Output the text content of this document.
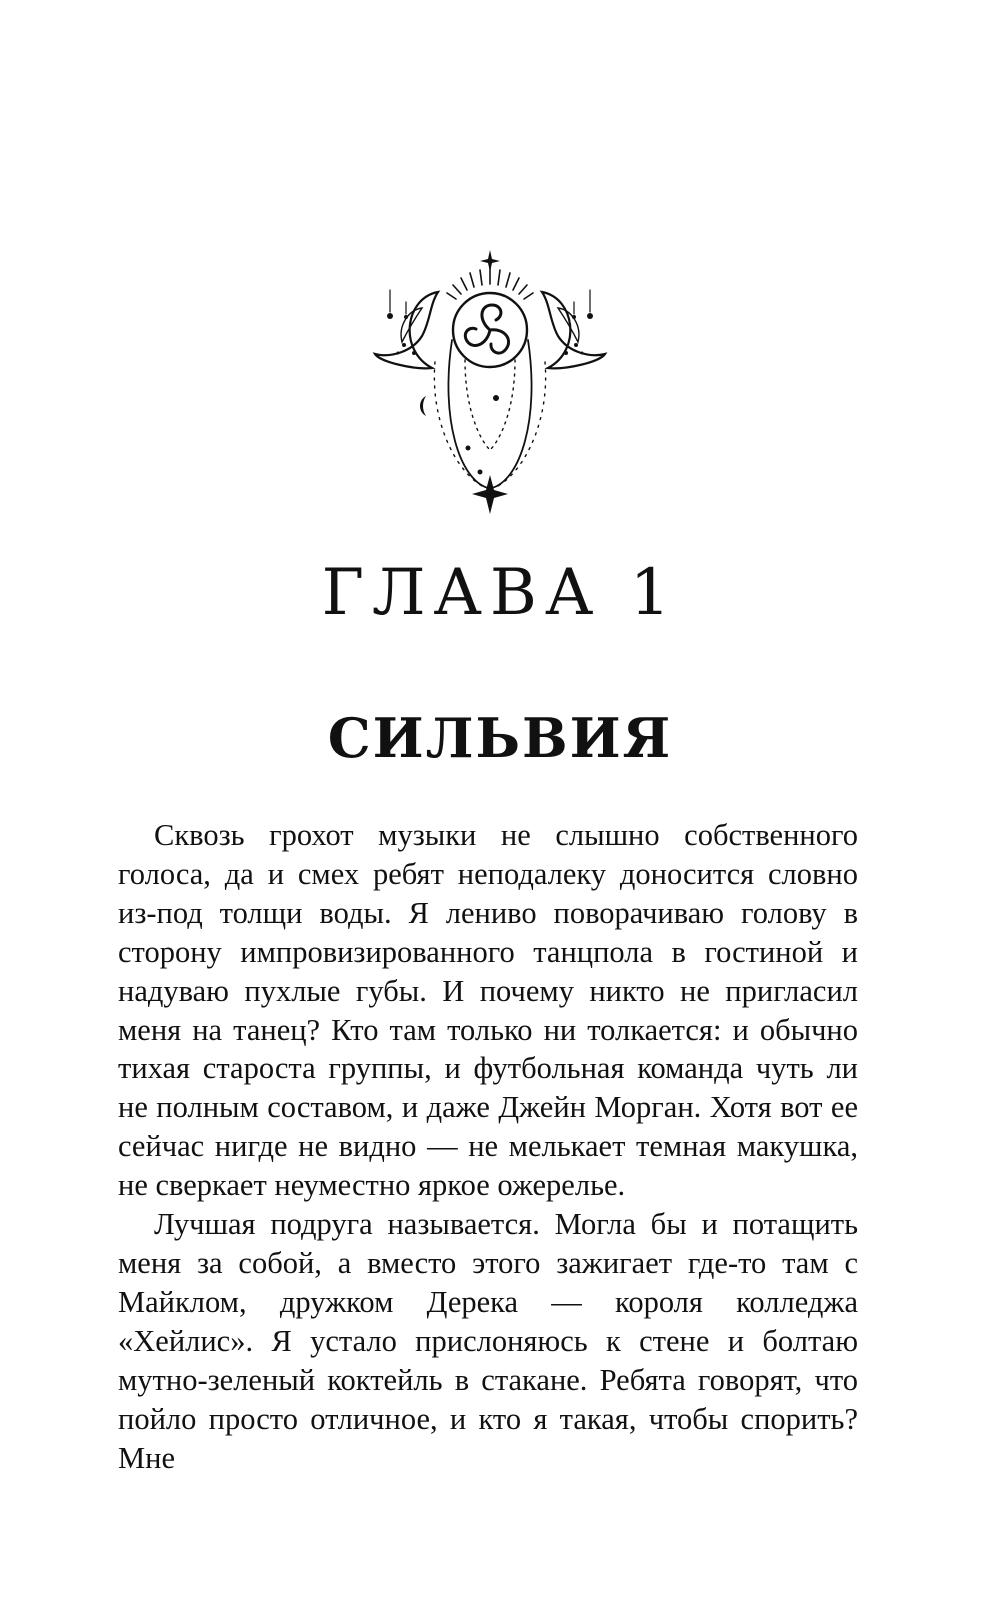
ГЛАВА 1
СИЛЬВИЯ

Сквозь грохот музыки не слышно собственного голоса, да и смех ребят неподалеку доносится словно из-под толщи воды. Я лениво поворачиваю голову в сторону импровизированного танцпола в гостиной и надуваю пухлые губы. И почему никто не пригласил меня на танец? Кто там только ни толкается: и обычно тихая староста группы, и футбольная команда чуть ли не полным составом, и даже Джейн Морган. Хотя вот ее сейчас нигде не видно — не мелькает темная макушка, не сверкает неуместно яркое ожерелье.

Лучшая подруга называется. Могла бы и потащить меня за собой, а вместо этого зажигает где-то там с Майклом, дружком Дерека — короля колледжа «Хейлис». Я устало прислоняюсь к стене и болтаю мутно-зеленый коктейль в стакане. Ребята говорят, что пойло просто отличное, и кто я такая, чтобы спорить? Мне
